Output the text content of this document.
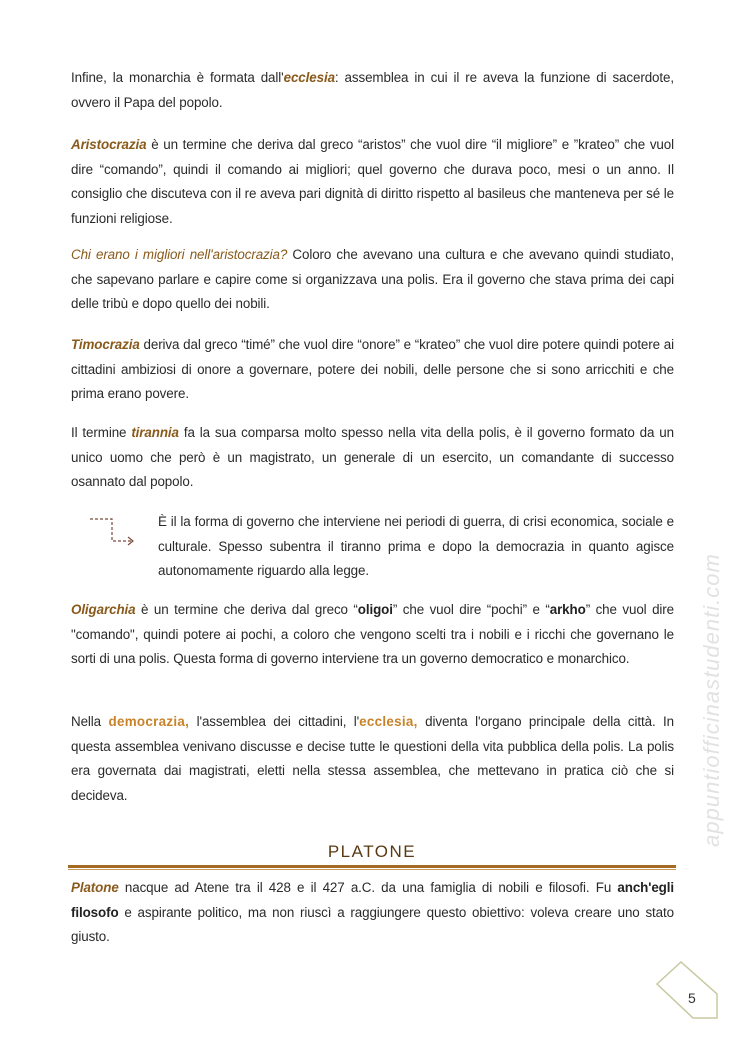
appuntiofficinastudenti.com
Infine, la monarchia è formata dall'ecclesia: assemblea in cui il re aveva la funzione di sacerdote, ovvero il Papa del popolo.
Aristocrazia è un termine che deriva dal greco “aristos” che vuol dire “il migliore” e ”krateo” che vuol dire “comando”, quindi il comando ai migliori; quel governo che durava poco, mesi o un anno. Il consiglio che discuteva con il re aveva pari dignità di diritto rispetto al basileus che manteneva per sé le funzioni religiose.
Chi erano i migliori nell'aristocrazia? Coloro che avevano una cultura e che avevano quindi studiato, che sapevano parlare e capire come si organizzava una polis. Era il governo che stava prima dei capi delle tribù e dopo quello dei nobili.
Timocrazia deriva dal greco “timé” che vuol dire “onore” e “krateo” che vuol dire potere quindi potere ai cittadini ambiziosi di onore a governare, potere dei nobili, delle persone che si sono arricchiti e che prima erano povere.
Il termine tirannia fa la sua comparsa molto spesso nella vita della polis, è il governo formato da un unico uomo che però è un magistrato, un generale di un esercito, un comandante di successo osannato dal popolo.
È il la forma di governo che interviene nei periodi di guerra, di crisi economica, sociale e culturale. Spesso subentra il tiranno prima e dopo la democrazia in quanto agisce autonomamente riguardo alla legge.
Oligarchia è un termine che deriva dal greco “oligoi” che vuol dire “pochi” e “arkho” che vuol dire "comando", quindi potere ai pochi, a coloro che vengono scelti tra i nobili e i ricchi che governano le sorti di una polis. Questa forma di governo interviene tra un governo democratico e monarchico.
Nella democrazia, l'assemblea dei cittadini, l'ecclesia, diventa l'organo principale della città. In questa assemblea venivano discusse e decise tutte le questioni della vita pubblica della polis. La polis era governata dai magistrati, eletti nella stessa assemblea, che mettevano in pratica ciò che si decideva.
PLATONE
Platone nacque ad Atene tra il 428 e il 427 a.C. da una famiglia di nobili e filosofi. Fu anch'egli filosofo e aspirante politico, ma non riuscì a raggiungere questo obiettivo: voleva creare uno stato giusto.
5
